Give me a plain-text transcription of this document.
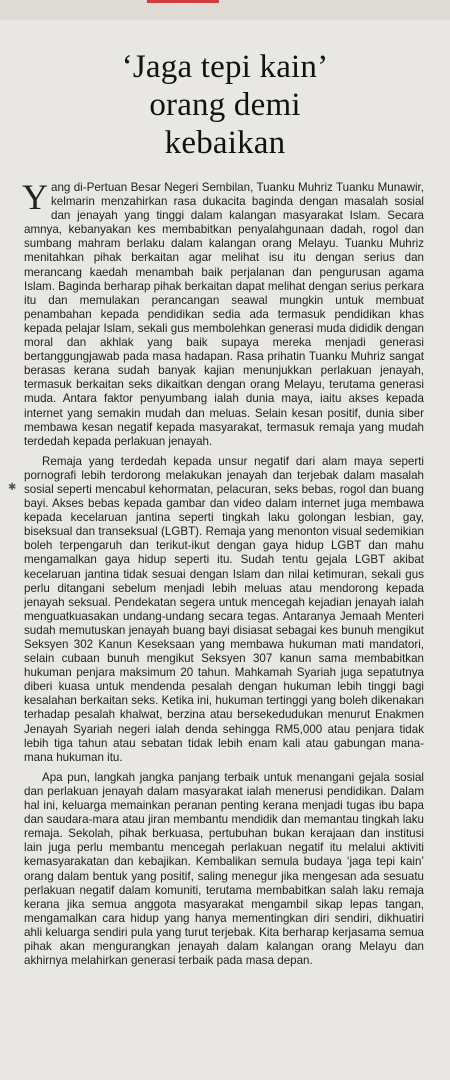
‘Jaga tepi kain’
orang demi
kebaikan
✱

Yang di-Pertuan Besar Negeri Sembilan, Tuanku Muhriz Tuanku Munawir, kelmarin menzahirkan rasa dukacita baginda dengan masalah sosial dan jenayah yang tinggi dalam kalangan masyarakat Islam. Secara amnya, kebanyakan kes membabitkan penyalahgunaan dadah, rogol dan sumbang mahram berlaku dalam kalangan orang Melayu. Tuanku Muhriz menitahkan pihak berkaitan agar melihat isu itu dengan serius dan merancang kaedah menambah baik perjalanan dan pengurusan agama Islam. Baginda berharap pihak berkaitan dapat melihat dengan serius perkara itu dan memulakan perancangan seawal mungkin untuk membuat penambahan kepada pendidikan sedia ada termasuk pendidikan khas kepada pelajar Islam, sekali gus membolehkan generasi muda dididik dengan moral dan akhlak yang baik supaya mereka menjadi generasi bertanggungjawab pada masa hadapan. Rasa prihatin Tuanku Muhriz sangat berasas kerana sudah banyak kajian menunjukkan perlakuan jenayah, termasuk berkaitan seks dikaitkan dengan orang Melayu, terutama generasi muda. Antara faktor penyumbang ialah dunia maya, iaitu akses kepada internet yang semakin mudah dan meluas. Selain kesan positif, dunia siber membawa kesan negatif kepada masyarakat, termasuk remaja yang mudah terdedah kepada perlakuan jenayah.

Remaja yang terdedah kepada unsur negatif dari alam maya seperti pornografi lebih terdorong melakukan jenayah dan terjebak dalam masalah sosial seperti mencabul kehormatan, pelacuran, seks bebas, rogol dan buang bayi. Akses bebas kepada gambar dan video dalam internet juga membawa kepada kecelaruan jantina seperti tingkah laku golongan lesbian, gay, biseksual dan transeksual (LGBT). Remaja yang menonton visual sedemikian boleh terpengaruh dan terikut-ikut dengan gaya hidup LGBT dan mahu mengamalkan gaya hidup seperti itu. Sudah tentu gejala LGBT akibat kecelaruan jantina tidak sesuai dengan Islam dan nilai ketimuran, sekali gus perlu ditangani sebelum menjadi lebih meluas atau mendorong kepada jenayah seksual. Pendekatan segera untuk mencegah kejadian jenayah ialah menguatkuasakan undang-undang secara tegas. Antaranya Jemaah Menteri sudah memutuskan jenayah buang bayi disiasat sebagai kes bunuh mengikut Seksyen 302 Kanun Keseksaan yang membawa hukuman mati mandatori, selain cubaan bunuh mengikut Seksyen 307 kanun sama membabitkan hukuman penjara maksimum 20 tahun. Mahkamah Syariah juga sepatutnya diberi kuasa untuk mendenda pesalah dengan hukuman lebih tinggi bagi kesalahan berkaitan seks. Ketika ini, hukuman tertinggi yang boleh dikenakan terhadap pesalah khalwat, berzina atau bersekedudukan menurut Enakmen Jenayah Syariah negeri ialah denda sehingga RM5,000 atau penjara tidak lebih tiga tahun atau sebatan tidak lebih enam kali atau gabungan mana-mana hukuman itu.

Apa pun, langkah jangka panjang terbaik untuk menangani gejala sosial dan perlakuan jenayah dalam masyarakat ialah menerusi pendidikan. Dalam hal ini, keluarga memainkan peranan penting kerana menjadi tugas ibu bapa dan saudara-mara atau jiran membantu mendidik dan memantau tingkah laku remaja. Sekolah, pihak berkuasa, pertubuhan bukan kerajaan dan institusi lain juga perlu membantu mencegah perlakuan negatif itu melalui aktiviti kemasyarakatan dan kebajikan. Kembalikan semula budaya ‘jaga tepi kain’ orang dalam bentuk yang positif, saling menegur jika mengesan ada sesuatu perlakuan negatif dalam komuniti, terutama membabitkan salah laku remaja kerana jika semua anggota masyarakat mengambil sikap lepas tangan, mengamalkan cara hidup yang hanya mementingkan diri sendiri, dikhuatiri ahli keluarga sendiri pula yang turut terjebak. Kita berharap kerjasama semua pihak akan mengurangkan jenayah dalam kalangan orang Melayu dan akhirnya melahirkan generasi terbaik pada masa depan.
